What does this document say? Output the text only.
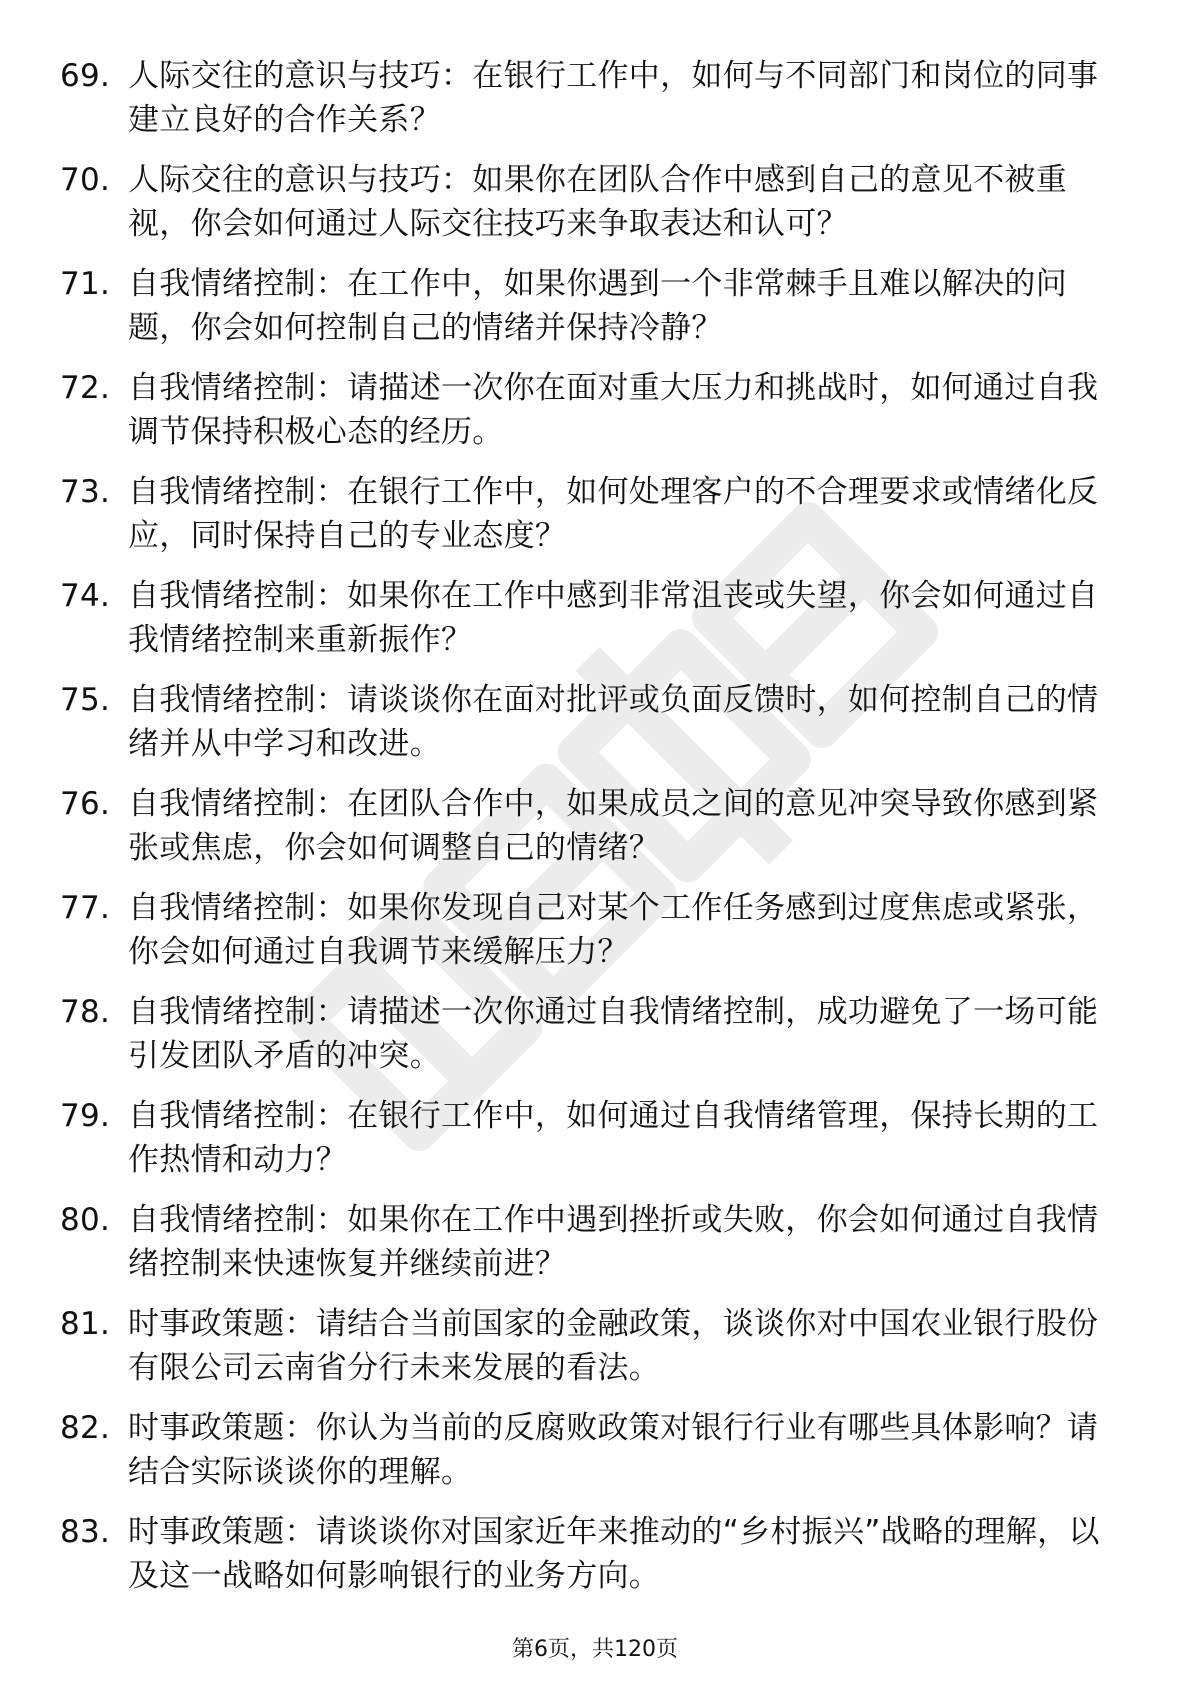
69. 人际交往的意识与技巧：在银行工作中，如何与不同部门和岗位的同事建立良好的合作关系？
70. 人际交往的意识与技巧：如果你在团队合作中感到自己的意见不被重视，你会如何通过人际交往技巧来争取表达和认可？
71. 自我情绪控制：在工作中，如果你遇到一个非常棘手且难以解决的问题，你会如何控制自己的情绪并保持冷静？
72. 自我情绪控制：请描述一次你在面对重大压力和挑战时，如何通过自我调节保持积极心态的经历。
73. 自我情绪控制：在银行工作中，如何处理客户的不合理要求或情绪化反应，同时保持自己的专业态度？
74. 自我情绪控制：如果你在工作中感到非常沮丧或失望，你会如何通过自我情绪控制来重新振作？
75. 自我情绪控制：请谈谈你在面对批评或负面反馈时，如何控制自己的情绪并从中学习和改进。
76. 自我情绪控制：在团队合作中，如果成员之间的意见冲突导致你感到紧张或焦虑，你会如何调整自己的情绪？
77. 自我情绪控制：如果你发现自己对某个工作任务感到过度焦虑或紧张，你会如何通过自我调节来缓解压力？
78. 自我情绪控制：请描述一次你通过自我情绪控制，成功避免了一场可能引发团队矛盾的冲突。
79. 自我情绪控制：在银行工作中，如何通过自我情绪管理，保持长期的工作热情和动力？
80. 自我情绪控制：如果你在工作中遇到挫折或失败，你会如何通过自我情绪控制来快速恢复并继续前进？
81. 时事政策题：请结合当前国家的金融政策，谈谈你对中国农业银行股份有限公司云南省分行未来发展的看法。
82. 时事政策题：你认为当前的反腐败政策对银行行业有哪些具体影响？请结合实际谈谈你的理解。
83. 时事政策题：请谈谈你对国家近年来推动的“乡村振兴”战略的理解，以及这一战略如何影响银行的业务方向。
第6页，共120页
